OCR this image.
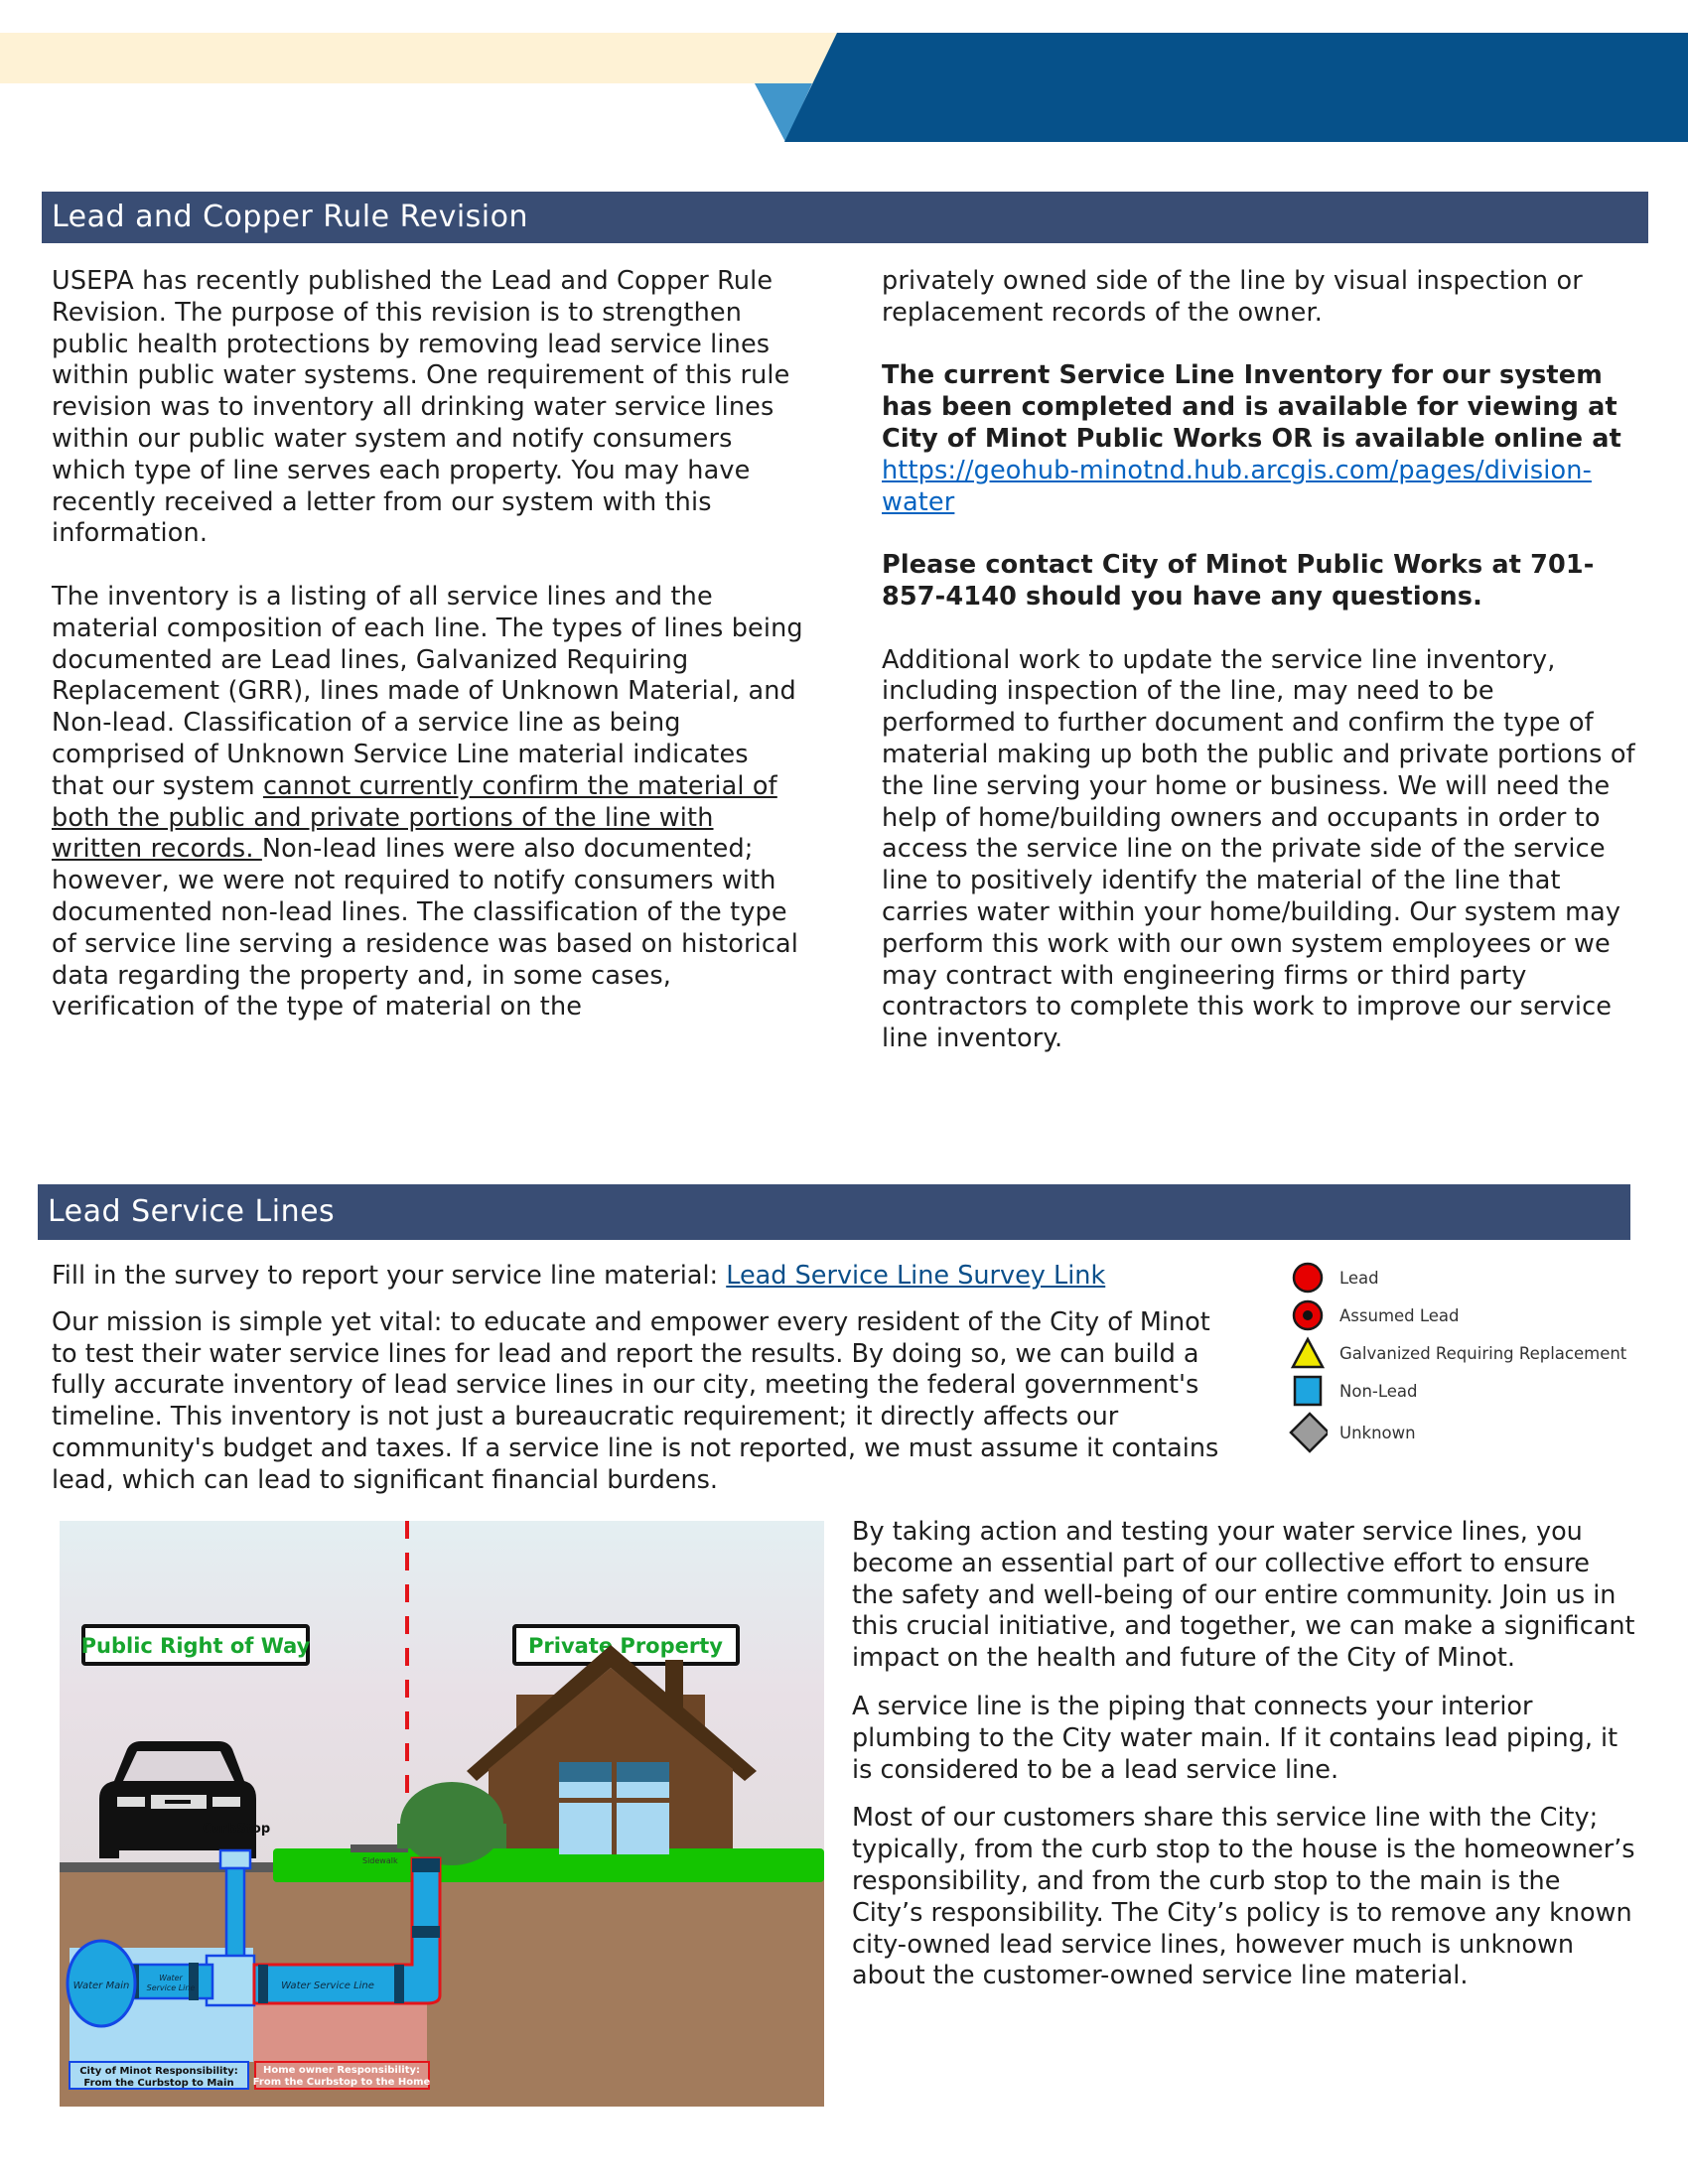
Lead and Copper Rule Revision

USEPA has recently published the Lead and Copper Rule Revision. The purpose of this revision is to strengthen public health protections by removing lead service lines within public water systems. One requirement of this rule revision was to inventory all drinking water service lines within our public water system and notify consumers which type of line serves each property. You may have recently received a letter from our system with this information.

The inventory is a listing of all service lines and the material composition of each line. The types of lines being documented are Lead lines, Galvanized Requiring Replacement (GRR), lines made of Unknown Material, and Non-lead. Classification of a service line as being comprised of Unknown Service Line material indicates that our system cannot currently confirm the material of both the public and private portions of the line with written records. Non-lead lines were also documented; however, we were not required to notify consumers with documented non-lead lines. The classification of the type of service line serving a residence was based on historical data regarding the property and, in some cases, verification of the type of material on the

privately owned side of the line by visual inspection or replacement records of the owner.

The current Service Line Inventory for our system has been completed and is available for viewing at City of Minot Public Works OR is available online at https://geohub-minotnd.hub.arcgis.com/pages/division-water

Please contact City of Minot Public Works at 701-857-4140 should you have any questions.

Additional work to update the service line inventory, including inspection of the line, may need to be performed to further document and confirm the type of material making up both the public and private portions of the line serving your home or business. We will need the help of home/building owners and occupants in order to access the service line on the private side of the service line to positively identify the material of the line that carries water within your home/building. Our system may perform this work with our own system employees or we may contract with engineering firms or third party contractors to complete this work to improve our service line inventory.

Lead Service Lines

Fill in the survey to report your service line material: Lead Service Line Survey Link

Our mission is simple yet vital: to educate and empower every resident of the City of Minot to test their water service lines for lead and report the results. By doing so, we can build a fully accurate inventory of lead service lines in our city, meeting the federal government's timeline. This inventory is not just a bureaucratic requirement; it directly affects our community's budget and taxes. If a service line is not reported, we must assume it contains lead, which can lead to significant financial burdens.

Lead
Assumed Lead
Galvanized Requiring Replacement
Non-Lead
Unknown
Sidewalk
Public Right of Way	Private Property
CurbStop
Water Main
Water
Service Line	Water Service Line
City of Minot Responsibility:
From the Curbstop to Main
Home owner Responsibility:
From the Curbstop to the Home

By taking action and testing your water service lines, you become an essential part of our collective effort to ensure the safety and well-being of our entire community. Join us in this crucial initiative, and together, we can make a significant impact on the health and future of the City of Minot.

A service line is the piping that connects your interior plumbing to the City water main. If it contains lead piping, it is considered to be a lead service line.

Most of our customers share this service line with the City; typically, from the curb stop to the house is the homeowner’s responsibility, and from the curb stop to the main is the City’s responsibility. The City’s policy is to remove any known city-owned lead service lines, however much is unknown about the customer-owned service line material.
